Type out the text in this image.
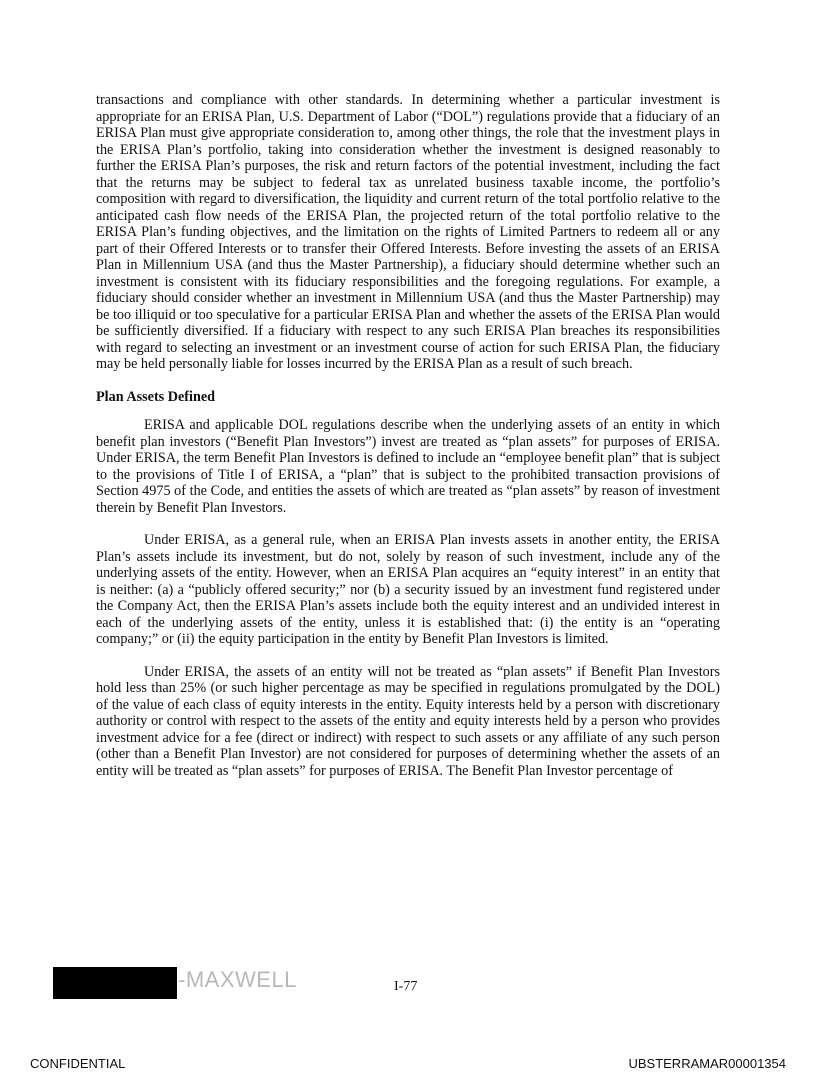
transactions and compliance with other standards. In determining whether a particular investment is appropriate for an ERISA Plan, U.S. Department of Labor (“DOL”) regulations provide that a fiduciary of an ERISA Plan must give appropriate consideration to, among other things, the role that the investment plays in the ERISA Plan’s portfolio, taking into consideration whether the investment is designed reasonably to further the ERISA Plan’s purposes, the risk and return factors of the potential investment, including the fact that the returns may be subject to federal tax as unrelated business taxable income, the portfolio’s composition with regard to diversification, the liquidity and current return of the total portfolio relative to the anticipated cash flow needs of the ERISA Plan, the projected return of the total portfolio relative to the ERISA Plan’s funding objectives, and the limitation on the rights of Limited Partners to redeem all or any part of their Offered Interests or to transfer their Offered Interests. Before investing the assets of an ERISA Plan in Millennium USA (and thus the Master Partnership), a fiduciary should determine whether such an investment is consistent with its fiduciary responsibilities and the foregoing regulations. For example, a fiduciary should consider whether an investment in Millennium USA (and thus the Master Partnership) may be too illiquid or too speculative for a particular ERISA Plan and whether the assets of the ERISA Plan would be sufficiently diversified. If a fiduciary with respect to any such ERISA Plan breaches its responsibilities with regard to selecting an investment or an investment course of action for such ERISA Plan, the fiduciary may be held personally liable for losses incurred by the ERISA Plan as a result of such breach.

Plan Assets Defined

ERISA and applicable DOL regulations describe when the underlying assets of an entity in which benefit plan investors (“Benefit Plan Investors”) invest are treated as “plan assets” for purposes of ERISA. Under ERISA, the term Benefit Plan Investors is defined to include an “employee benefit plan” that is subject to the provisions of Title I of ERISA, a “plan” that is subject to the prohibited transaction provisions of Section 4975 of the Code, and entities the assets of which are treated as “plan assets” by reason of investment therein by Benefit Plan Investors.

Under ERISA, as a general rule, when an ERISA Plan invests assets in another entity, the ERISA Plan’s assets include its investment, but do not, solely by reason of such investment, include any of the underlying assets of the entity. However, when an ERISA Plan acquires an “equity interest” in an entity that is neither: (a) a “publicly offered security;” nor (b) a security issued by an investment fund registered under the Company Act, then the ERISA Plan’s assets include both the equity interest and an undivided interest in each of the underlying assets of the entity, unless it is established that: (i) the entity is an “operating company;” or (ii) the equity participation in the entity by Benefit Plan Investors is limited.

Under ERISA, the assets of an entity will not be treated as “plan assets” if Benefit Plan Investors hold less than 25% (or such higher percentage as may be specified in regulations promulgated by the DOL) of the value of each class of equity interests in the entity. Equity interests held by a person with discretionary authority or control with respect to the assets of the entity and equity interests held by a person who provides investment advice for a fee (direct or indirect) with respect to such assets or any affiliate of any such person (other than a Benefit Plan Investor) are not considered for purposes of determining whether the assets of an entity will be treated as “plan assets” for purposes of ERISA. The Benefit Plan Investor percentage of

-MAXWELL	I-77
CONFIDENTIAL	UBSTERRAMAR00001354
